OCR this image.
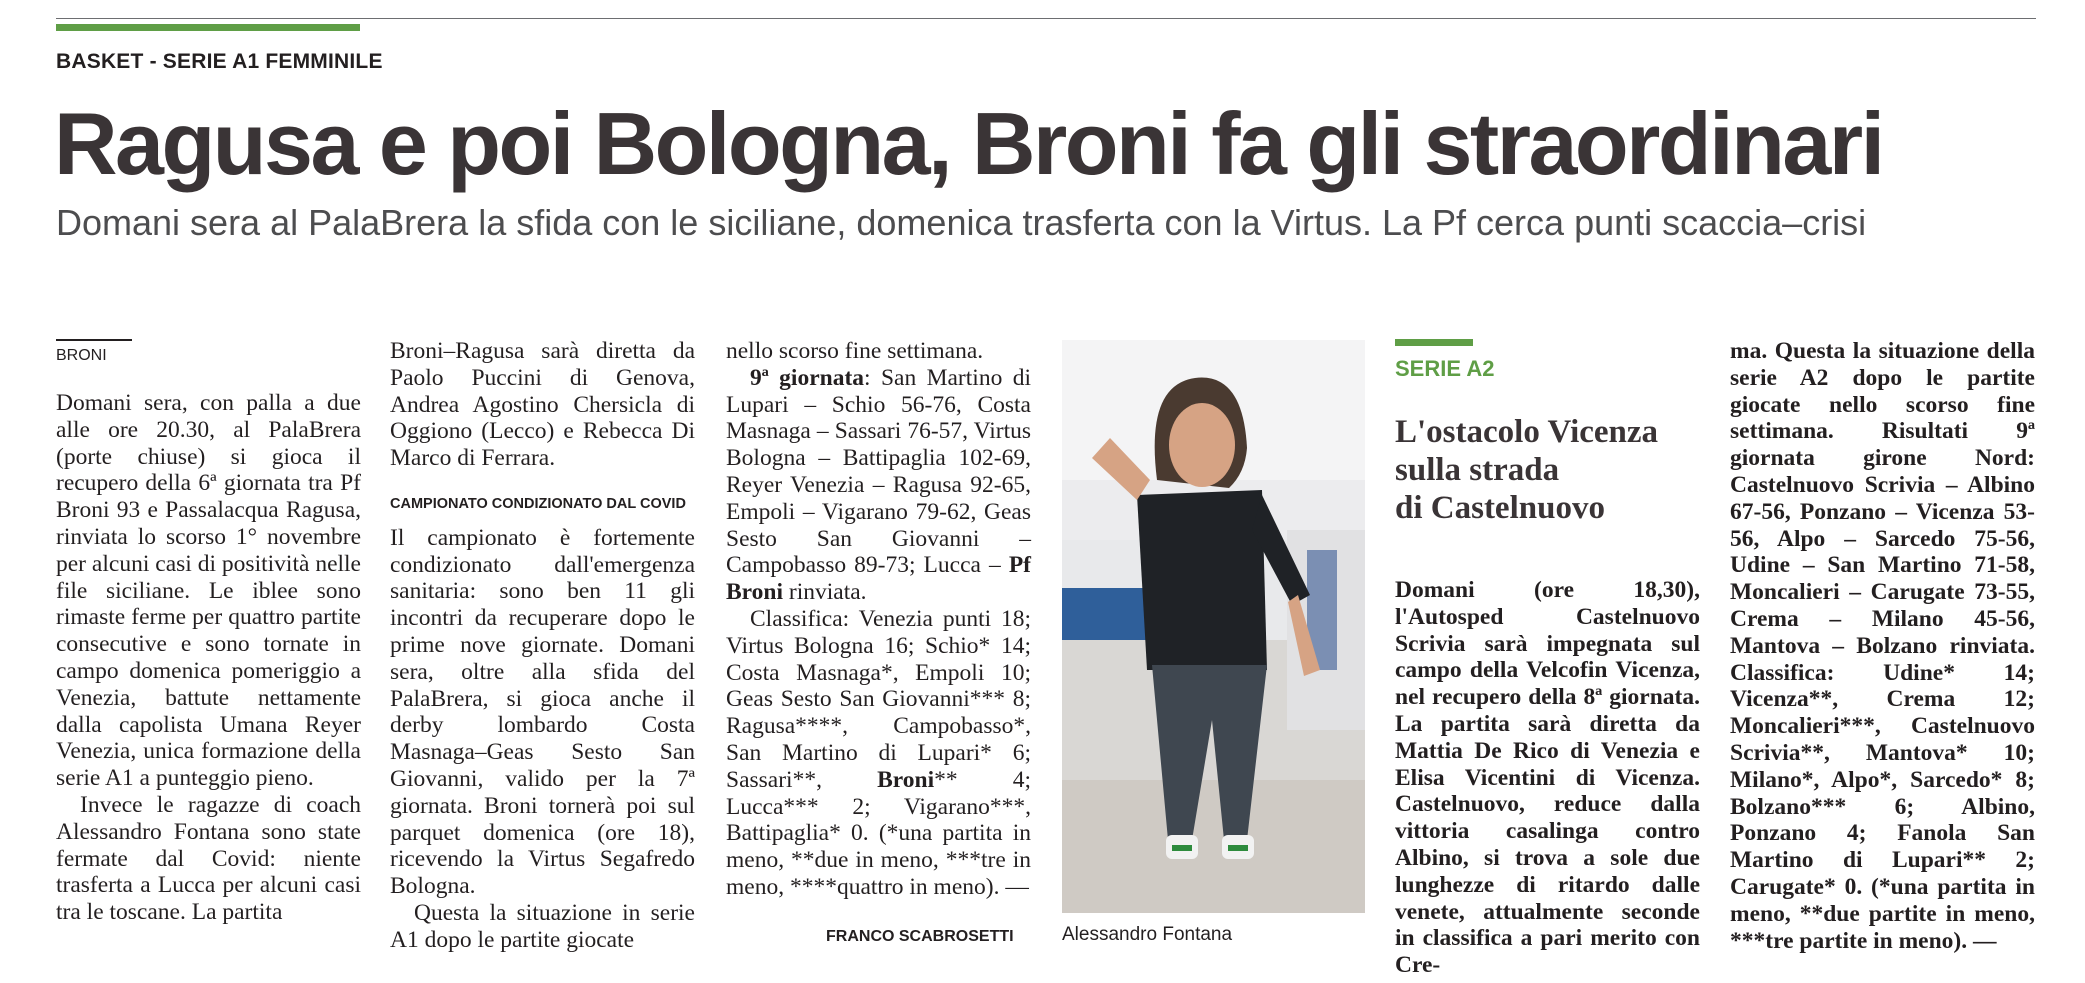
BASKET - SERIE A1 FEMMINILE
Ragusa e poi Bologna, Broni fa gli straordinari
Domani sera al PalaBrera la sfida con le siciliane, domenica trasferta con la Virtus. La Pf cerca punti scaccia–crisi
BRONI

Domani sera, con palla a due alle ore 20.30, al PalaBrera (porte chiuse) si gioca il recupero della 6ª giornata tra Pf Broni 93 e Passalacqua Ragusa, rinviata lo scorso 1° novembre per alcuni casi di positività nelle file siciliane. Le iblee sono rimaste ferme per quattro partite consecutive e sono tornate in campo domenica pomeriggio a Venezia, battute nettamente dalla capolista Umana Reyer Venezia, unica formazione della serie A1 a punteggio pieno.

Invece le ragazze di coach Alessandro Fontana sono state fermate dal Covid: niente trasferta a Lucca per alcuni casi tra le toscane. La partita

Broni–Ragusa sarà diretta da Paolo Puccini di Genova, Andrea Agostino Chersicla di Oggiono (Lecco) e Rebecca Di Marco di Ferrara.

CAMPIONATO CONDIZIONATO DAL COVID

Il campionato è fortemente condizionato dall'emergenza sanitaria: sono ben 11 gli incontri da recuperare dopo le prime nove giornate. Domani sera, oltre alla sfida del PalaBrera, si gioca anche il derby lombardo Costa Masnaga–Geas Sesto San Giovanni, valido per la 7ª giornata. Broni tornerà poi sul parquet domenica (ore 18), ricevendo la Virtus Segafredo Bologna.

Questa la situazione in serie A1 dopo le partite giocate

nello scorso fine settimana.

9ª giornata: San Martino di Lupari – Schio 56-76, Costa Masnaga – Sassari 76-57, Virtus Bologna – Battipaglia 102-69, Reyer Venezia – Ragusa 92-65, Empoli – Vigarano 79-62, Geas Sesto San Giovanni – Campobasso 89-73; Lucca – Pf Broni rinviata.

Classifica: Venezia punti 18; Virtus Bologna 16; Schio* 14; Costa Masnaga*, Empoli 10; Geas Sesto San Giovanni*** 8; Ragusa****, Campobasso*, San Martino di Lupari* 6; Sassari**, Broni** 4; Lucca*** 2; Vigarano***, Battipaglia* 0. (*una partita in meno, **due in meno, ***tre in meno, ****quattro in meno). —

FRANCO SCABROSETTI	Alessandro Fontana
SERIE A2
L'ostacolo Vicenza
sulla strada
di Castelnuovo
Domani (ore 18,30), l'Autosped Castelnuovo Scrivia sarà impegnata sul campo della Velcofin Vicenza, nel recupero della 8ª giornata. La partita sarà diretta da Mattia De Rico di Venezia e Elisa Vicentini di Vicenza. Castelnuovo, reduce dalla vittoria casalinga contro Albino, si trova a sole due lunghezze di ritardo dalle venete, attualmente seconde in classifica a pari merito con Cre-
ma. Questa la situazione della serie A2 dopo le partite giocate nello scorso fine settimana. Risultati 9ª giornata girone Nord: Castelnuovo Scrivia – Albino 67-56, Ponzano – Vicenza 53-56, Alpo – Sarcedo 75-56, Udine – San Martino 71-58, Moncalieri – Carugate 73-55, Crema – Milano 45-56, Mantova – Bolzano rinviata. Classifica: Udine* 14; Vicenza**, Crema 12; Moncalieri***, Castelnuovo Scrivia**, Mantova* 10; Milano*, Alpo*, Sarcedo* 8; Bolzano*** 6; Albino, Ponzano 4; Fanola San Martino di Lupari** 2; Carugate* 0. (*una partita in meno, **due partite in meno, ***tre partite in meno). —
